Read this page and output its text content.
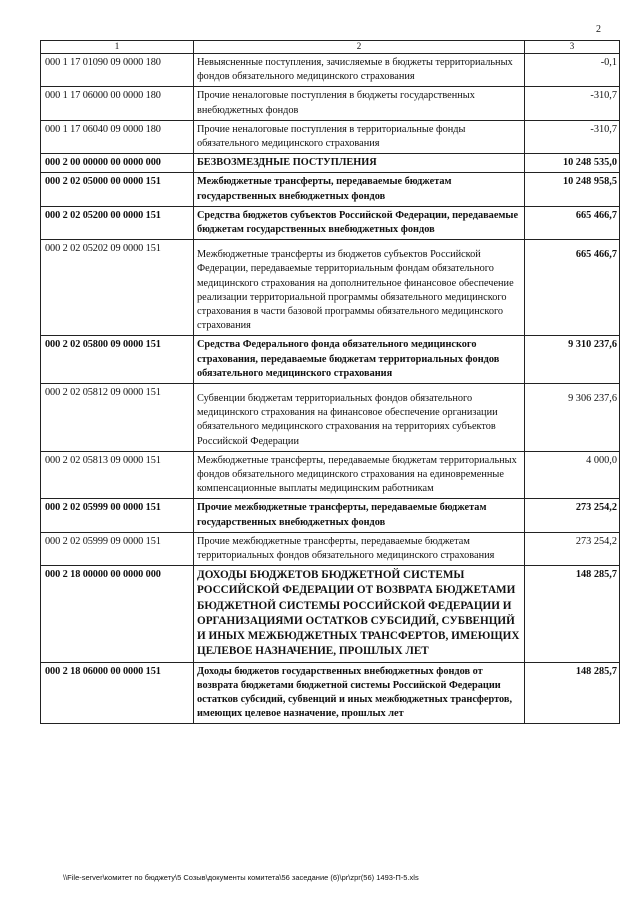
2
1	2	3
000 1 17 01090 09 0000 180	Невыясненные поступления, зачисляемые в бюджеты территориальных фондов обязательного медицинского страхования	-0,1
000 1 17 06000 00 0000 180	Прочие неналоговые поступления в бюджеты государственных внебюджетных фондов	-310,7
000 1 17 06040 09 0000 180	Прочие неналоговые поступления в территориальные фонды обязательного медицинского страхования	-310,7
000 2 00 00000 00 0000 000	БЕЗВОЗМЕЗДНЫЕ ПОСТУПЛЕНИЯ	10 248 535,0
000 2 02 05000 00 0000 151	Межбюджетные трансферты, передаваемые бюджетам государственных внебюджетных фондов	10 248 958,5
000 2 02 05200 00 0000 151	Средства бюджетов субъектов Российской Федерации, передаваемые бюджетам государственных внебюджетных фондов	665 466,7
000 2 02 05202 09 0000 151	Межбюджетные трансферты из бюджетов субъектов Российской Федерации, передаваемые территориальным фондам обязательного медицинского страхования на дополнительное финансовое обеспечение реализации территориальной программы обязательного медицинского страхования в части базовой программы обязательного медицинского страхования	665 466,7
000 2 02 05800 09 0000 151	Средства Федерального фонда обязательного медицинского страхования, передаваемые бюджетам территориальных фондов обязательного медицинского страхования	9 310 237,6
000 2 02 05812 09 0000 151	Субвенции бюджетам территориальных фондов обязательного медицинского страхования на финансовое обеспечение организации обязательного медицинского страхования на территориях субъектов Российской Федерации	9 306 237,6
000 2 02 05813 09 0000 151	Межбюджетные трансферты, передаваемые бюджетам территориальных фондов обязательного медицинского страхования на единовременные компенсационные выплаты медицинским работникам	4 000,0
000 2 02 05999 00 0000 151	Прочие межбюджетные трансферты, передаваемые бюджетам государственных внебюджетных фондов	273 254,2
000 2 02 05999 09 0000 151	Прочие межбюджетные трансферты, передаваемые бюджетам территориальных фондов обязательного медицинского страхования	273 254,2
000 2 18 00000 00 0000 000	ДОХОДЫ БЮДЖЕТОВ БЮДЖЕТНОЙ СИСТЕМЫ РОССИЙСКОЙ ФЕДЕРАЦИИ ОТ ВОЗВРАТА БЮДЖЕТАМИ БЮДЖЕТНОЙ СИСТЕМЫ РОССИЙСКОЙ ФЕДЕРАЦИИ И ОРГАНИЗАЦИЯМИ ОСТАТКОВ СУБСИДИЙ, СУБВЕНЦИЙ И ИНЫХ МЕЖБЮДЖЕТНЫХ ТРАНСФЕРТОВ, ИМЕЮЩИХ ЦЕЛЕВОЕ НАЗНАЧЕНИЕ, ПРОШЛЫХ ЛЕТ	148 285,7
000 2 18 06000 00 0000 151	Доходы бюджетов государственных внебюджетных фондов от возврата бюджетами бюджетной системы Российской Федерации остатков субсидий, субвенций и иных межбюджетных трансфертов, имеющих целевое назначение, прошлых лет	148 285,7
\\File-server\комитет по бюджету\5 Созыв\документы комитета\56 заседание (6)\pr\zpr(56) 1493-П-5.xls
